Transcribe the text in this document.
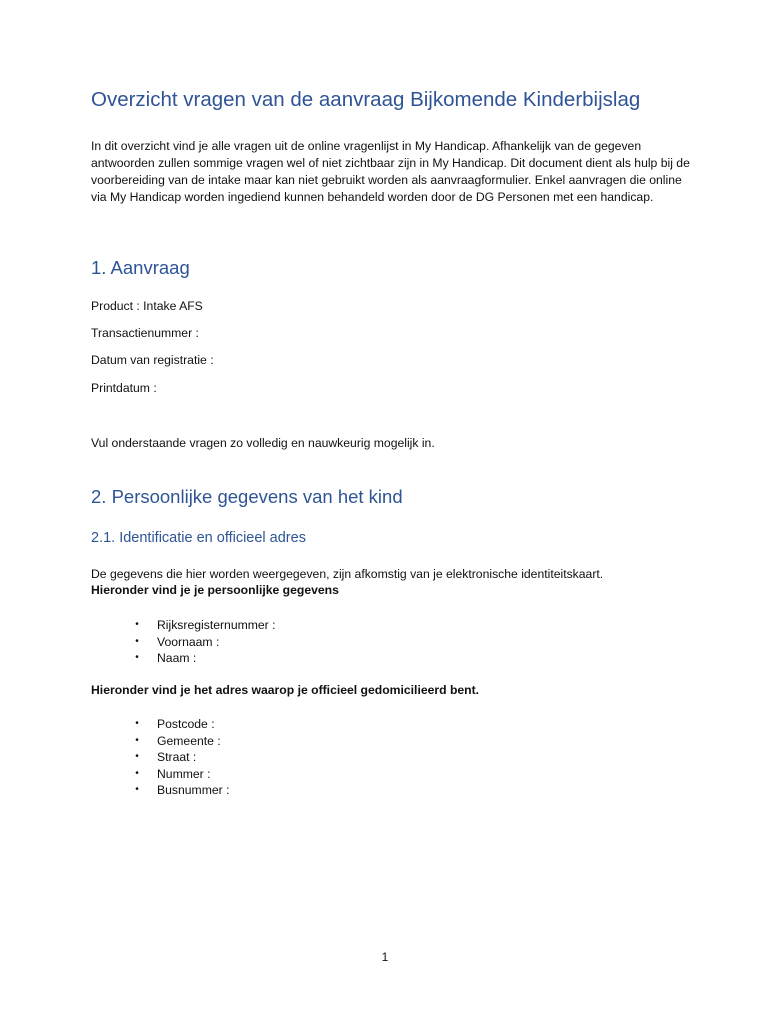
Overzicht vragen van de aanvraag Bijkomende Kinderbijslag

In dit overzicht vind je alle vragen uit de online vragenlijst in My Handicap. Afhankelijk van de gegeven antwoorden zullen sommige vragen wel of niet zichtbaar zijn in My Handicap. Dit document dient als hulp bij de voorbereiding van de intake maar kan niet gebruikt worden als aanvraagformulier. Enkel aanvragen die online via My Handicap worden ingediend kunnen behandeld worden door de DG Personen met een handicap.

1. Aanvraag

Product : Intake AFS

Transactienummer :

Datum van registratie :

Printdatum :

Vul onderstaande vragen zo volledig en nauwkeurig mogelijk in.

2. Persoonlijke gegevens van het kind
2.1. Identificatie en officieel adres

De gegevens die hier worden weergegeven, zijn afkomstig van je elektronische identiteitskaart.

Hieronder vind je je persoonlijke gegevens

• Rijksregisternummer :
• Voornaam :
• Naam :

Hieronder vind je het adres waarop je officieel gedomicilieerd bent.

• Postcode :
• Gemeente :
• Straat :
• Nummer :
• Busnummer :
1
